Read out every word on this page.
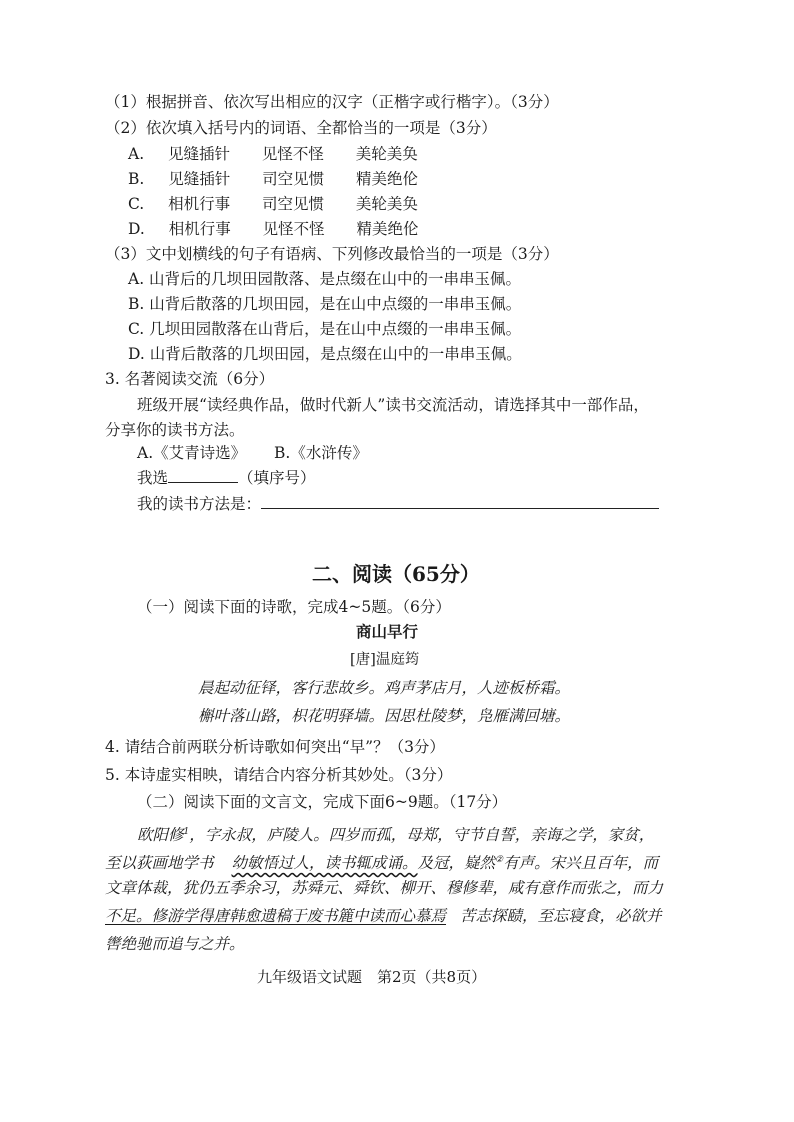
（1）根据拼音、依次写出相应的汉字（正楷字或行楷字）。（3分）
（2）依次填入括号内的词语、全都恰当的一项是（3分）
A. 见缝插针 见怪不怪 美轮美奂
B. 见缝插针 司空见惯 精美绝伦
C. 相机行事 司空见惯 美轮美奂
D. 相机行事 见怪不怪 精美绝伦
（3）文中划横线的句子有语病、下列修改最恰当的一项是（3分）
A. 山背后的几坝田园散落、是点缀在山中的一串串玉佩。
B. 山背后散落的几坝田园，是在山中点缀的一串串玉佩。
C. 几坝田园散落在山背后，是在山中点缀的一串串玉佩。
D. 山背后散落的几坝田园，是点缀在山中的一串串玉佩。
3. 名著阅读交流（6分）
班级开展“读经典作品，做时代新人”读书交流活动，请选择其中一部作品，
分享你的读书方法。
A.《艾青诗选》 B.《水浒传》
我选	（填序号）
我的读书方法是：
二、阅读（65分）
（一）阅读下面的诗歌，完成4~5题。（6分）
商山早行
[唐]温庭筠
晨起动征铎，客行悲故乡。鸡声茅店月，人迹板桥霜。
槲叶落山路，枳花明驿墙。因思杜陵梦，凫雁满回塘。
4. 请结合前两联分析诗歌如何突出“早”？（3分）
5. 本诗虚实相映，请结合内容分析其妙处。（3分）
（二）阅读下面的文言文，完成下面6~9题。（17分）
欧阳修$^1$，字永叔，庐陵人。四岁而孤，母郑，守节自誓，亲诲之学，家贫，
至以荻画地学书 幼敏悟过人，读书辄成诵。及冠，嶷然②有声。宋兴且百年，而
文章体裁，犹仍五季余习，苏舜元、舜钦、柳开、穆修辈，咸有意作而张之，而力
不足。修游学得唐韩愈遗稿于废书簏中读而心慕焉 苦志探赜，至忘寝食，必欲并
辔绝驰而追与之并。
九年级语文试题　第2页（共8页）
